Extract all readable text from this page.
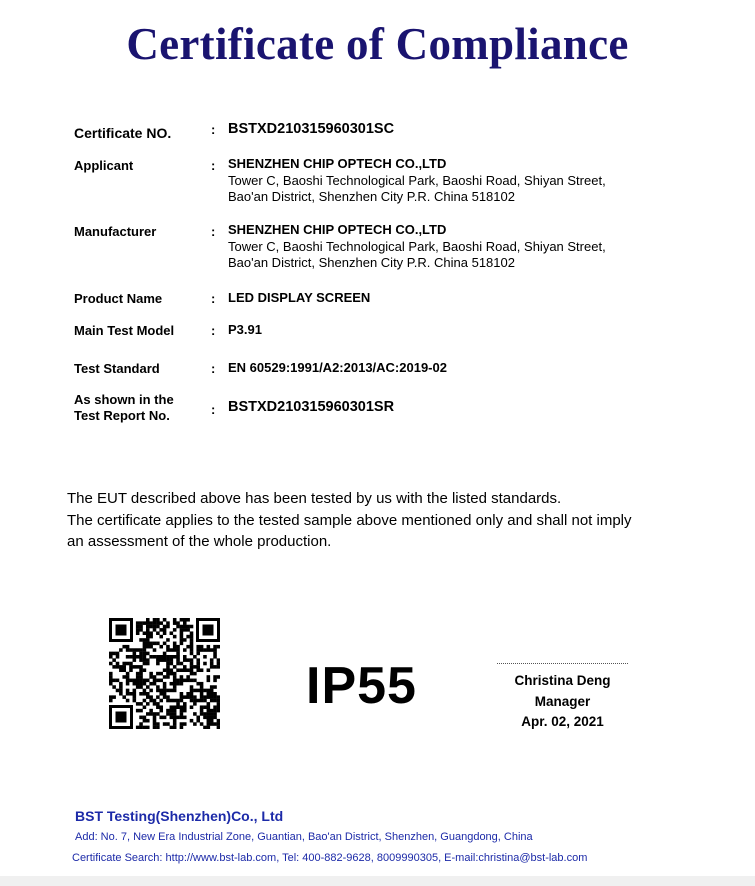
Certificate of Compliance
Certificate NO.	: BSTXD210315960301SC
Applicant	: SHENZHEN CHIP OPTECH CO.,LTD
Tower C, Baoshi Technological Park, Baoshi Road, Shiyan Street,
Bao'an District, Shenzhen City P.R. China 518102
Manufacturer	: SHENZHEN CHIP OPTECH CO.,LTD
Tower C, Baoshi Technological Park, Baoshi Road, Shiyan Street,
Bao'an District, Shenzhen City P.R. China 518102
Product Name	: LED DISPLAY SCREEN
Main Test Model	: P3.91
Test Standard	: EN 60529:1991/A2:2013/AC:2019-02
As shown in the
Test Report No.	: BSTXD210315960301SR
The EUT described above has been tested by us with the listed standards.
The certificate applies to the tested sample above mentioned only and shall not imply
an assessment of the whole production.
IP55	Christina Deng
Manager
Apr. 02, 2021
BST Testing(Shenzhen)Co., Ltd
Add: No. 7, New Era Industrial Zone, Guantian, Bao'an District, Shenzhen, Guangdong, China
Certificate Search: http://www.bst-lab.com, Tel: 400-882-9628, 8009990305, E-mail:christina@bst-lab.com
